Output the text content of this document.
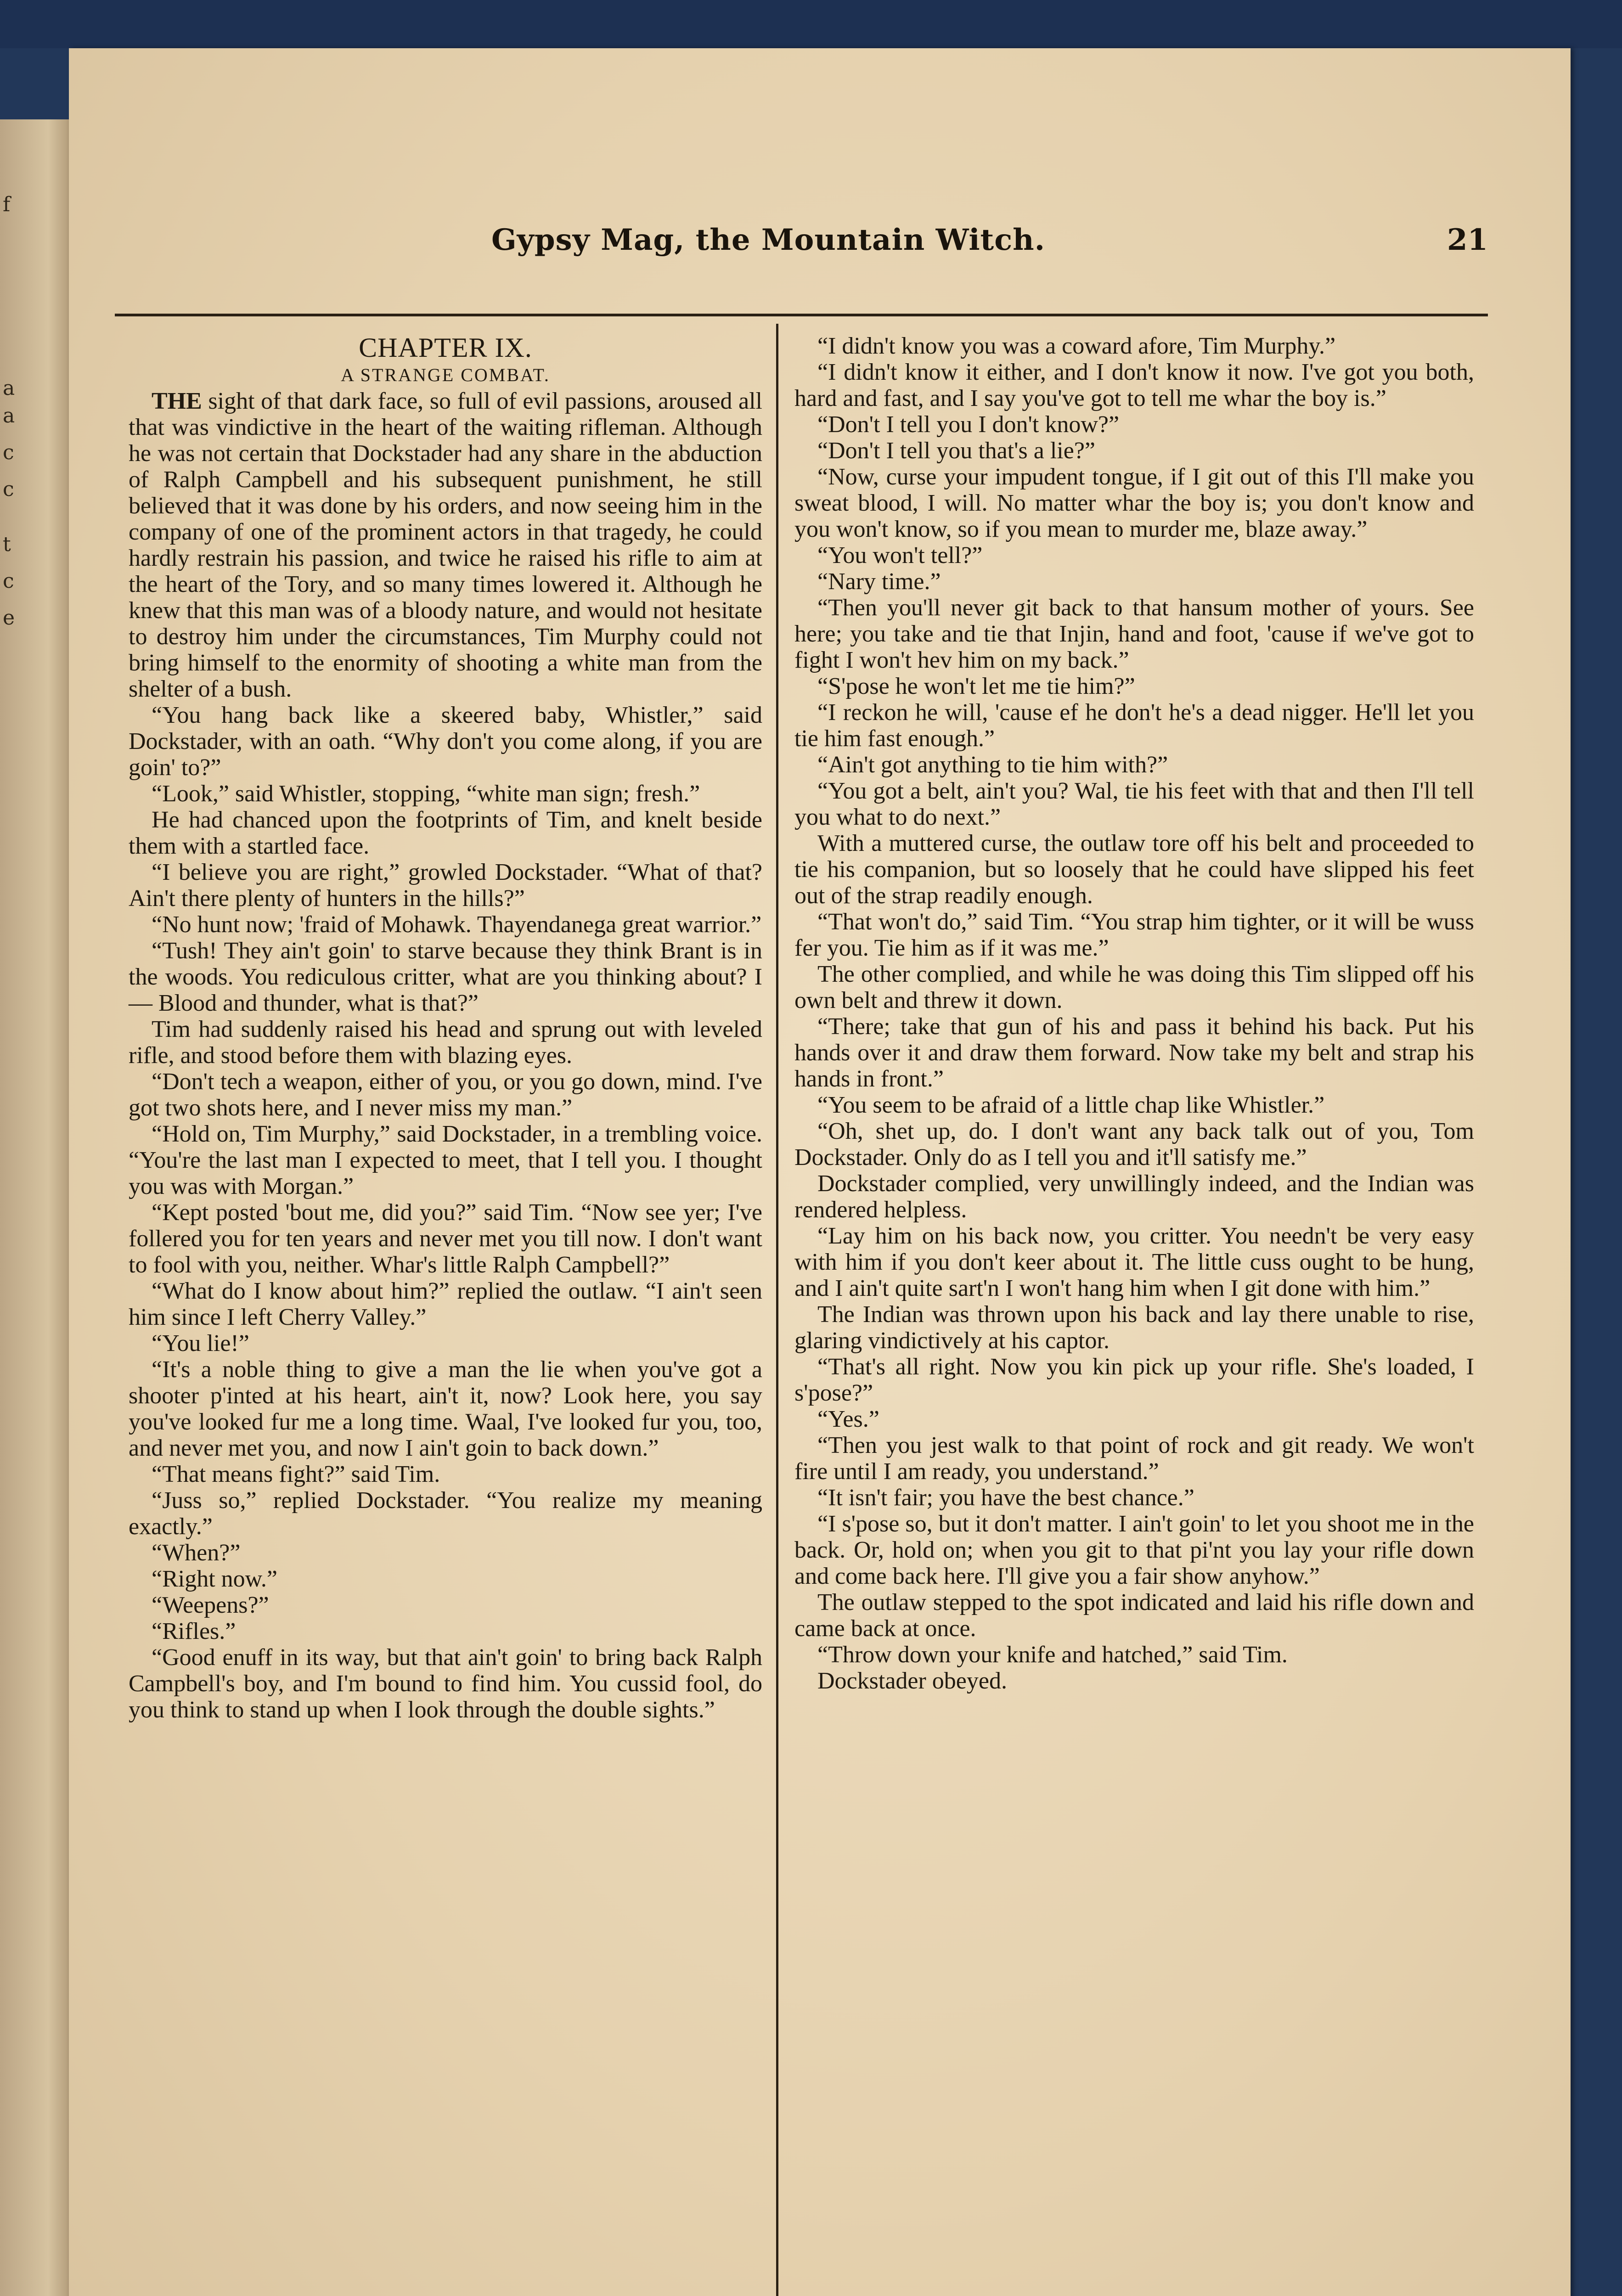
f
a
a
c
c
t
c
e
Gypsy Mag, the Mountain Witch.	21

CHAPTER IX.

A STRANGE COMBAT.

THE sight of that dark face, so full of evil passions, aroused all that was vindictive in the heart of the waiting rifleman. Although he was not certain that Dockstader had any share in the abduction of Ralph Campbell and his subsequent punishment, he still believed that it was done by his orders, and now seeing him in the company of one of the prominent actors in that tragedy, he could hardly restrain his passion, and twice he raised his rifle to aim at the heart of the Tory, and so many times lowered it. Although he knew that this man was of a bloody nature, and would not hesitate to destroy him under the circumstances, Tim Murphy could not bring himself to the enormity of shooting a white man from the shelter of a bush.

“You hang back like a skeered baby, Whistler,” said Dockstader, with an oath. “Why don't you come along, if you are goin' to?”

“Look,” said Whistler, stopping, “white man sign; fresh.”

He had chanced upon the footprints of Tim, and knelt beside them with a startled face.

“I believe you are right,” growled Dockstader. “What of that? Ain't there plenty of hunters in the hills?”

“No hunt now; 'fraid of Mohawk. Thayendanega great warrior.”

“Tush! They ain't goin' to starve because they think Brant is in the woods. You rediculous critter, what are you thinking about? I— Blood and thunder, what is that?”

Tim had suddenly raised his head and sprung out with leveled rifle, and stood before them with blazing eyes.

“Don't tech a weapon, either of you, or you go down, mind. I've got two shots here, and I never miss my man.”

“Hold on, Tim Murphy,” said Dockstader, in a trembling voice. “You're the last man I expected to meet, that I tell you. I thought you was with Morgan.”

“Kept posted 'bout me, did you?” said Tim. “Now see yer; I've follered you for ten years and never met you till now. I don't want to fool with you, neither. Whar's little Ralph Campbell?”

“What do I know about him?” replied the outlaw. “I ain't seen him since I left Cherry Valley.”

“You lie!”

“It's a noble thing to give a man the lie when you've got a shooter p'inted at his heart, ain't it, now? Look here, you say you've looked fur me a long time. Waal, I've looked fur you, too, and never met you, and now I ain't goin to back down.”

“That means fight?” said Tim.

“Juss so,” replied Dockstader. “You realize my meaning exactly.”

“When?”

“Right now.”

“Weepens?”

“Rifles.”

“Good enuff in its way, but that ain't goin' to bring back Ralph Campbell's boy, and I'm bound to find him. You cussid fool, do you think to stand up when I look through the double sights.”

“I didn't know you was a coward afore, Tim Murphy.”

“I didn't know it either, and I don't know it now. I've got you both, hard and fast, and I say you've got to tell me whar the boy is.”

“Don't I tell you I don't know?”

“Don't I tell you that's a lie?”

“Now, curse your impudent tongue, if I git out of this I'll make you sweat blood, I will. No matter whar the boy is; you don't know and you won't know, so if you mean to murder me, blaze away.”

“You won't tell?”

“Nary time.”

“Then you'll never git back to that hansum mother of yours. See here; you take and tie that Injin, hand and foot, 'cause if we've got to fight I won't hev him on my back.”

“S'pose he won't let me tie him?”

“I reckon he will, 'cause ef he don't he's a dead nigger. He'll let you tie him fast enough.”

“Ain't got anything to tie him with?”

“You got a belt, ain't you? Wal, tie his feet with that and then I'll tell you what to do next.”

With a muttered curse, the outlaw tore off his belt and proceeded to tie his companion, but so loosely that he could have slipped his feet out of the strap readily enough.

“That won't do,” said Tim. “You strap him tighter, or it will be wuss fer you. Tie him as if it was me.”

The other complied, and while he was doing this Tim slipped off his own belt and threw it down.

“There; take that gun of his and pass it behind his back. Put his hands over it and draw them forward. Now take my belt and strap his hands in front.”

“You seem to be afraid of a little chap like Whistler.”

“Oh, shet up, do. I don't want any back talk out of you, Tom Dockstader. Only do as I tell you and it'll satisfy me.”

Dockstader complied, very unwillingly indeed, and the Indian was rendered helpless.

“Lay him on his back now, you critter. You needn't be very easy with him if you don't keer about it. The little cuss ought to be hung, and I ain't quite sart'n I won't hang him when I git done with him.”

The Indian was thrown upon his back and lay there unable to rise, glaring vindictively at his captor.

“That's all right. Now you kin pick up your rifle. She's loaded, I s'pose?”

“Yes.”

“Then you jest walk to that point of rock and git ready. We won't fire until I am ready, you understand.”

“It isn't fair; you have the best chance.”

“I s'pose so, but it don't matter. I ain't goin' to let you shoot me in the back. Or, hold on; when you git to that pi'nt you lay your rifle down and come back here. I'll give you a fair show anyhow.”

The outlaw stepped to the spot indicated and laid his rifle down and came back at once.

“Throw down your knife and hatched,” said Tim.

Dockstader obeyed.
